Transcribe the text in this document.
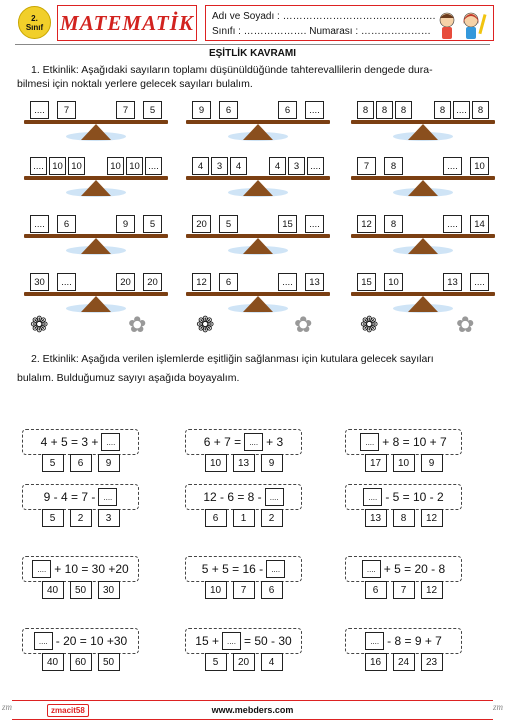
2.
Sınıf MATEMATİK	Adı ve Soyadı : ……………………………………….
Sınıfı : ………………. Numarası : …………………
EŞİTLİK KAVRAMI
1. Etkinlik: Aşağıdaki sayıların toplamı düşünüldüğünde tahterevallilerin dengede dura-
bilmesi için noktalı yerlere gelecek sayıları bulalım.
....	7	7	5	9	6	6	....	8	8	8	8	....	8
.... 10 10	10 10 ....	4	3	4	4	3	....	7	8	....	10
....	6	9	5	20	5	15	....	12	8	....	14
30	....	20	20	12	6	....	13	15	10	13	....
❁	✿ ❁	✿ ❁	✿
2. Etkinlik: Aşağıda verilen işlemlerde eşitliğin sağlanması için kutulara gelecek sayıları
bulalım. Bulduğumuz sayıyı aşağıda boyayalım.
4 + 5 = 3 +	....
5	6	9
6 + 7 =	.... + 3
10	13	9
.... + 8 = 10 + 7
17	10	9
9 - 4 = 7 -	....
5	2	3
12 - 6 = 8 -	....
6	1	2
.... - 5 = 10 - 2
13	8	12
.... + 10 = 30 +20
40	50	30
5 + 5 = 16 -	....
10	7	6
.... + 5 = 20 - 8
6	7	12
.... - 20 = 10 +30
40	60	50
15 +	.... = 50 - 30
5	20	4
.... - 8 = 9 + 7
16	24	23
zm	zm
zmacit58	www.mebders.com
